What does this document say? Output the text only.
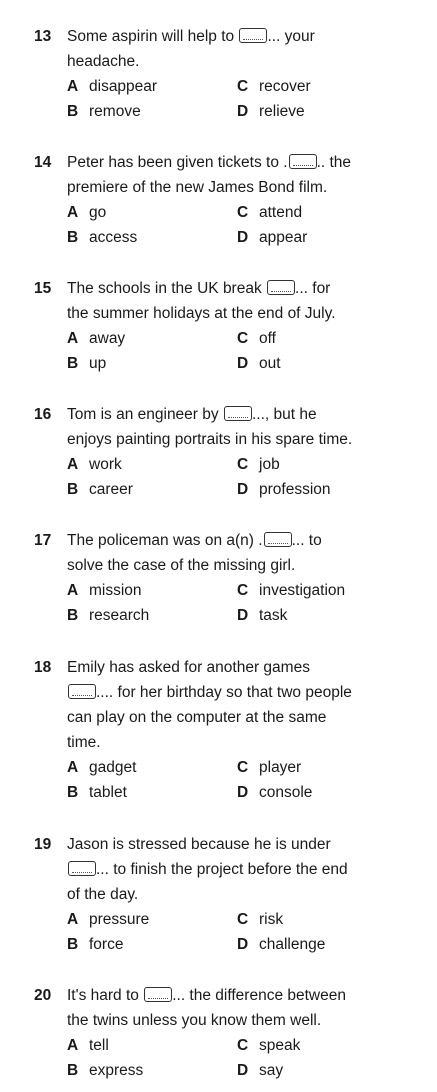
13 Some aspirin will help to ... your
headache.
A disappear	C recover
B remove	D relieve
14 Peter has been given tickets to . .. the
premiere of the new James Bond film.
A go	C attend
B access	D appear
15 The schools in the UK break ... for
the summer holidays at the end of July.
A away	C off
B up	D out
16 Tom is an engineer by ..., but he
enjoys painting portraits in his spare time.
A work	C job
B career	D profession
17 The policeman was on a(n) . ... to
solve the case of the missing girl.
A mission	C investigation
B research	D task
18 Emily has asked for another games
.... for her birthday so that two people
can play on the computer at the same
time.
A gadget	C player
B tablet	D console
19 Jason is stressed because he is under
... to finish the project before the end
of the day.
A pressure	C risk
B force	D challenge
20 It's hard to ... the difference between
the twins unless you know them well.
A tell	C speak
B express	D say
